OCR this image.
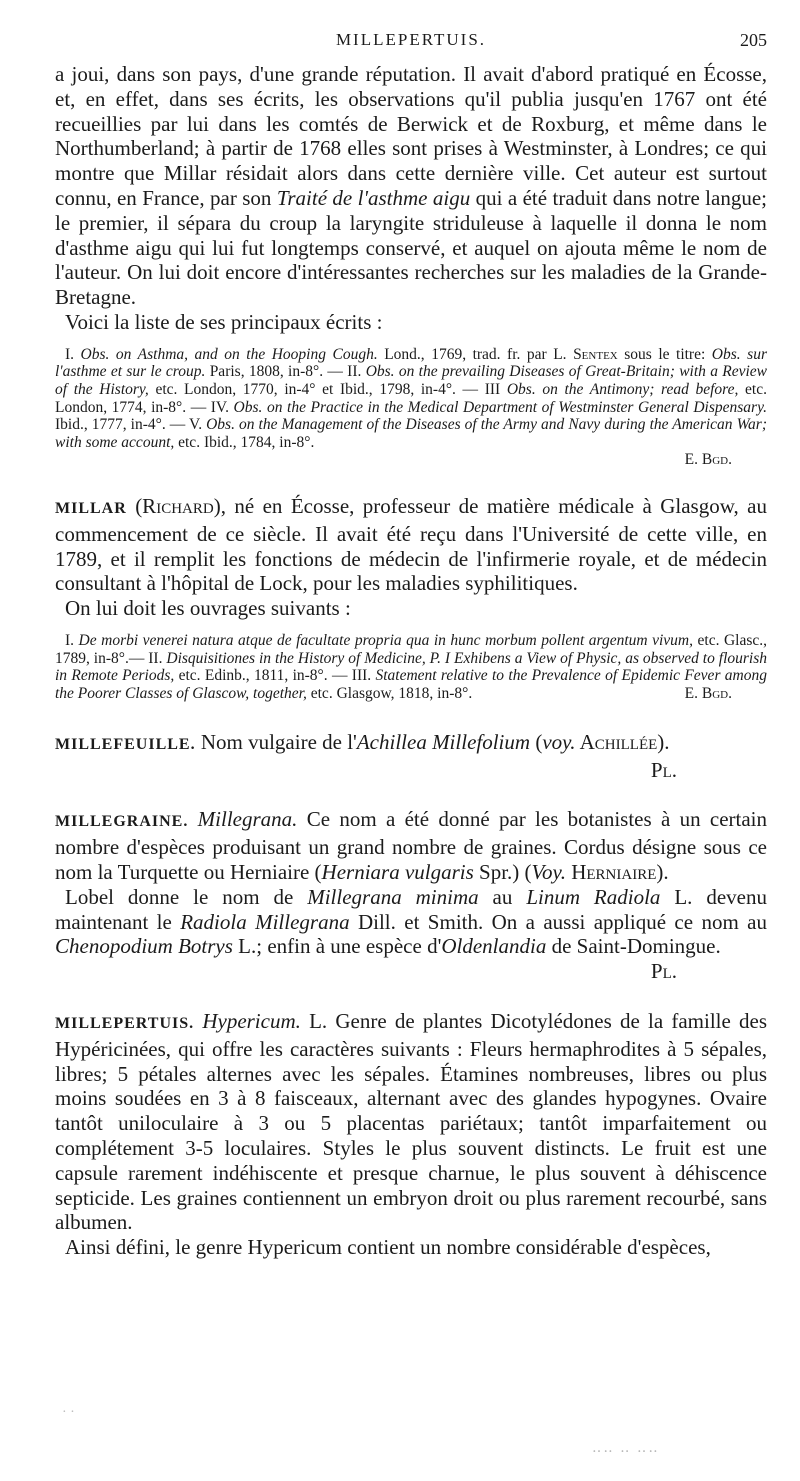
MILLEPERTUIS.	205

a joui, dans son pays, d'une grande réputation. Il avait d'abord pratiqué en Écosse, et, en effet, dans ses écrits, les observations qu'il publia jusqu'en 1767 ont été recueillies par lui dans les comtés de Berwick et de Roxburg, et même dans le Northumberland; à partir de 1768 elles sont prises à Westminster, à Londres; ce qui montre que Millar résidait alors dans cette dernière ville. Cet auteur est surtout connu, en France, par son Traité de l'asthme aigu qui a été traduit dans notre langue; le premier, il sépara du croup la laryngite striduleuse à laquelle il donna le nom d'asthme aigu qui lui fut longtemps conservé, et auquel on ajouta même le nom de l'auteur. On lui doit encore d'intéressantes recherches sur les maladies de la Grande-Bretagne.

Voici la liste de ses principaux écrits :

I. Obs. on Asthma, and on the Hooping Cough. Lond., 1769, trad. fr. par L. Sentex sous le titre: Obs. sur l'asthme et sur le croup. Paris, 1808, in-8°. — II. Obs. on the prevailing Diseases of Great-Britain; with a Review of the History, etc. London, 1770, in-4° et Ibid., 1798, in-4°. — III Obs. on the Antimony; read before, etc. London, 1774, in-8°. — IV. Obs. on the Practice in the Medical Department of Westminster General Dispensary. Ibid., 1777, in-4°. — V. Obs. on the Management of the Diseases of the Army and Navy during the American War; with some account, etc. Ibid., 1784, in-8°.

E. Bgd.

MILLAR (Richard), né en Écosse, professeur de matière médicale à Glasgow, au commencement de ce siècle. Il avait été reçu dans l'Université de cette ville, en 1789, et il remplit les fonctions de médecin de l'infirmerie royale, et de médecin consultant à l'hôpital de Lock, pour les maladies syphilitiques.

On lui doit les ouvrages suivants :

I. De morbi venerei natura atque de facultate propria qua in hunc morbum pollent argentum vivum, etc. Glasc., 1789, in-8°.— II. Disquisitiones in the History of Medicine, P. I Exhibens a View of Physic, as observed to flourish in Remote Periods, etc. Edinb., 1811, in-8°. — III. Statement relative to the Prevalence of Epidemic Fever among the Poorer Classes of Glascow, together, etc. Glasgow, 1818, in-8°.	E. Bgd.

MILLEFEUILLE. Nom vulgaire de l'Achillea Millefolium (voy. Achillée).

Pl.

MILLEGRAINE. Millegrana. Ce nom a été donné par les botanistes à un certain nombre d'espèces produisant un grand nombre de graines. Cordus désigne sous ce nom la Turquette ou Herniaire (Herniara vulgaris Spr.) (Voy. Herniaire).

Lobel donne le nom de Millegrana minima au Linum Radiola L. devenu maintenant le Radiola Millegrana Dill. et Smith. On a aussi appliqué ce nom au Chenopodium Botrys L.; enfin à une espèce d'Oldenlandia de Saint-Domingue.

Pl.

MILLEPERTUIS. Hypericum. L. Genre de plantes Dicotylédones de la famille des Hypéricinées, qui offre les caractères suivants : Fleurs hermaphrodites à 5 sépales, libres; 5 pétales alternes avec les sépales. Étamines nombreuses, libres ou plus moins soudées en 3 à 8 faisceaux, alternant avec des glandes hypogynes. Ovaire tantôt uniloculaire à 3 ou 5 placentas pariétaux; tantôt imparfaitement ou complétement 3-5 loculaires. Styles le plus souvent distincts. Le fruit est une capsule rarement indéhiscente et presque charnue, le plus souvent à déhiscence septicide. Les graines contiennent un embryon droit ou plus rarement recourbé, sans albumen.

Ainsi défini, le genre Hypericum contient un nombre considérable d'espèces,

· ·
‥‥ ‥ ‥‥
